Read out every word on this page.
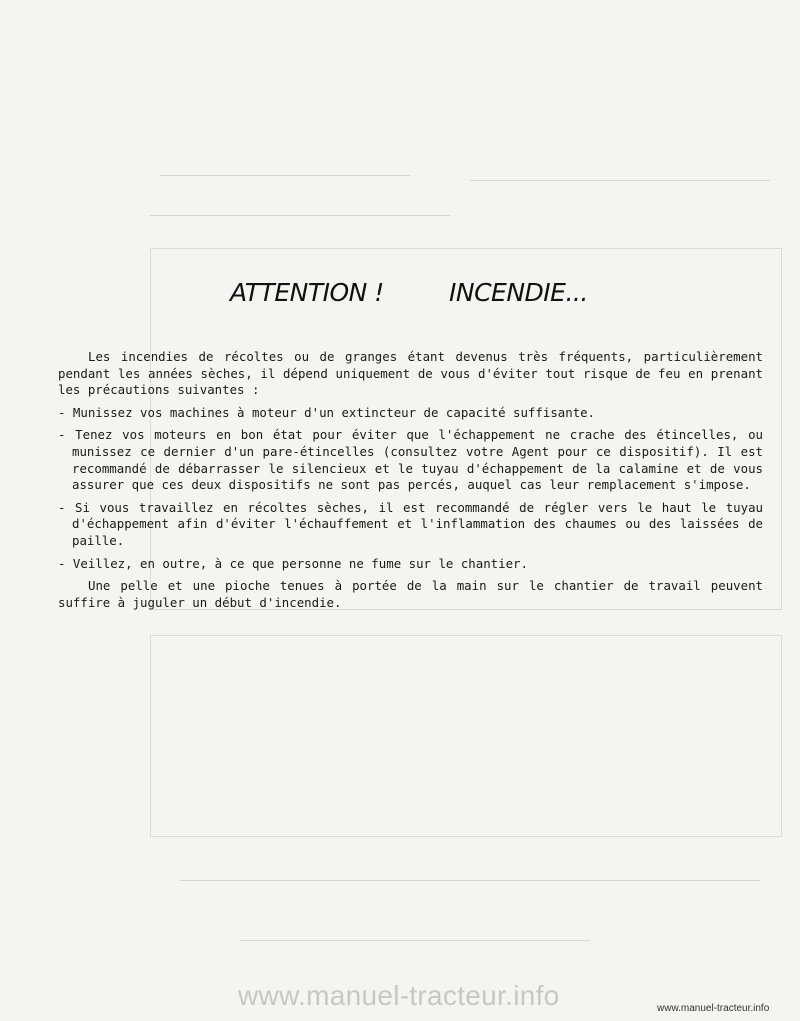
ATTENTION !	INCENDIE...

Les incendies de récoltes ou de granges étant devenus très fréquents, particulièrement pendant les années sèches, il dépend uniquement de vous d'éviter tout risque de feu en prenant les précautions suivantes :

- Munissez vos machines à moteur d'un extincteur de capacité suffisante.

- Tenez vos moteurs en bon état pour éviter que l'échappement ne crache des étincelles, ou munissez ce dernier d'un pare-étincelles (consultez votre Agent pour ce dispositif). Il est recommandé de débarrasser le silencieux et le tuyau d'échappement de la calamine et de vous assurer que ces deux dispositifs ne sont pas percés, auquel cas leur remplacement s'impose.

- Si vous travaillez en récoltes sèches, il est recommandé de régler vers le haut le tuyau d'échappement afin d'éviter l'échauffement et l'inflammation des chaumes ou des laissées de paille.

- Veillez, en outre, à ce que personne ne fume sur le chantier.

Une pelle et une pioche tenues à portée de la main sur le chantier de travail peuvent suffire à juguler un début d'incendie.

www.manuel-tracteur.info	www.manuel-tracteur.info
